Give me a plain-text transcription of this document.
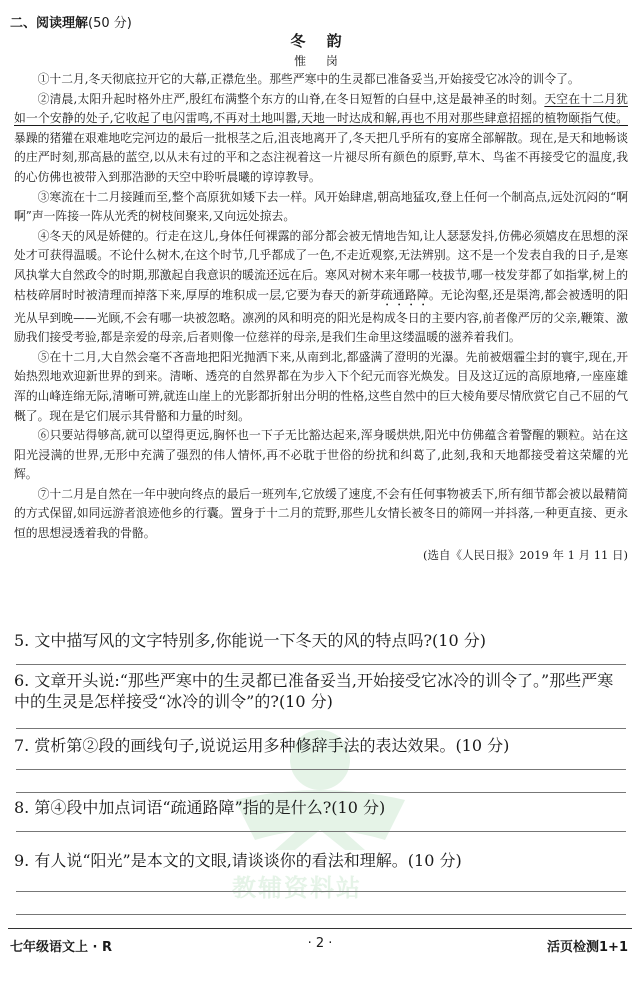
二、阅读理解(50 分)
冬 韵
惟 岗

①十二月,冬天彻底拉开它的大幕,正襟危坐。那些严寒中的生灵都已准备妥当,开始接受它冰冷的训令了。

②清晨,太阳升起时格外庄严,殷红布满整个东方的山脊,在冬日短暂的白昼中,这是最神圣的时刻。天空在十二月犹如一个安静的处子,它收起了电闪雷鸣,不再对土地叫嚣,天地一时达成和解,再也不用对那些肆意招摇的植物颐指气使。暴躁的猪獾在艰难地吃完河边的最后一批根茎之后,沮丧地离开了,冬天把几乎所有的宴席全部解散。现在,是天和地畅谈的庄严时刻,那高悬的蓝空,以从未有过的平和之态注视着这一片褪尽所有颜色的原野,草木、鸟雀不再接受它的温度,我的心仿佛也被带入到那浩渺的天空中聆听晨曦的谆谆教导。

③寒流在十二月接踵而至,整个高原犹如矮下去一样。风开始肆虐,朝高地猛攻,登上任何一个制高点,远处沉闷的“啊啊”声一阵接一阵从光秃的树枝间聚来,又向远处掠去。

④冬天的风是娇健的。行走在这儿,身体任何裸露的部分都会被无情地告知,让人瑟瑟发抖,仿佛必须嬉皮在思想的深处才可获得温暖。不论什么树木,在这个时节,几乎都成了一色,不走近观察,无法辨别。这不是一个发表自我的日子,是寒风执掌大自然政令的时期,那激起自我意识的暖流还远在后。寒风对树木来年哪一枝拔节,哪一枝发芽都了如指掌,树上的枯枝碎屑时时被清理而掉落下来,厚厚的堆积成一层,它要为春天的新芽疏通路障。无论沟壑,还是渠湾,都会被透明的阳光从早到晚——光顾,不会有哪一块被忽略。凛冽的风和明亮的阳光是构成冬日的主要内容,前者像严厉的父亲,鞭策、激励我们接受考验,都是亲爱的母亲,后者则像一位慈祥的母亲,是我们生命里这缕温暖的滋养着我们。

⑤在十二月,大自然会毫不吝啬地把阳光抛洒下来,从南到北,都盛满了澄明的光瀑。先前被烟霾尘封的寰宇,现在,开始热烈地欢迎新世界的到来。清晰、透亮的自然界都在为步入下个纪元而容光焕发。目及这辽远的高原地瘠,一座座雄浑的山峰连绵无际,清晰可辨,就连山崖上的光影都折射出分明的性格,这些自然中的巨大棱角要尽情欣赏它自己不屈的气概了。现在是它们展示其骨骼和力量的时刻。

⑥只要站得够高,就可以望得更远,胸怀也一下子无比豁达起来,浑身暖烘烘,阳光中仿佛蕴含着警醒的颗粒。站在这阳光浸满的世界,无形中充满了强烈的伟人情怀,再不必耽于世俗的纷扰和纠葛了,此刻,我和天地都接受着这荣耀的光辉。

⑦十二月是自然在一年中驶向终点的最后一班列车,它放缓了速度,不会有任何事物被丢下,所有细节都会被以最精简的方式保留,如同远游者浪迹他乡的行囊。置身于十二月的荒野,那些儿女情长被冬日的筛网一并抖落,一种更直接、更永恒的思想浸透着我的骨骼。

(选自《人民日报》2019 年 1 月 11 日)
教辅资料站
5. 文中描写风的文字特别多,你能说一下冬天的风的特点吗?(10 分)
6. 文章开头说:“那些严寒中的生灵都已准备妥当,开始接受它冰冷的训令了。”那些严寒中的生灵是怎样接受“冰冷的训令”的?(10 分)
7. 赏析第②段的画线句子,说说运用多种修辞手法的表达效果。(10 分)
8. 第④段中加点词语“疏通路障”指的是什么?(10 分)
9. 有人说“阳光”是本文的文眼,请谈谈你的看法和理解。(10 分)
七年级语文上 · R	· 2 ·	活页检测1+1
